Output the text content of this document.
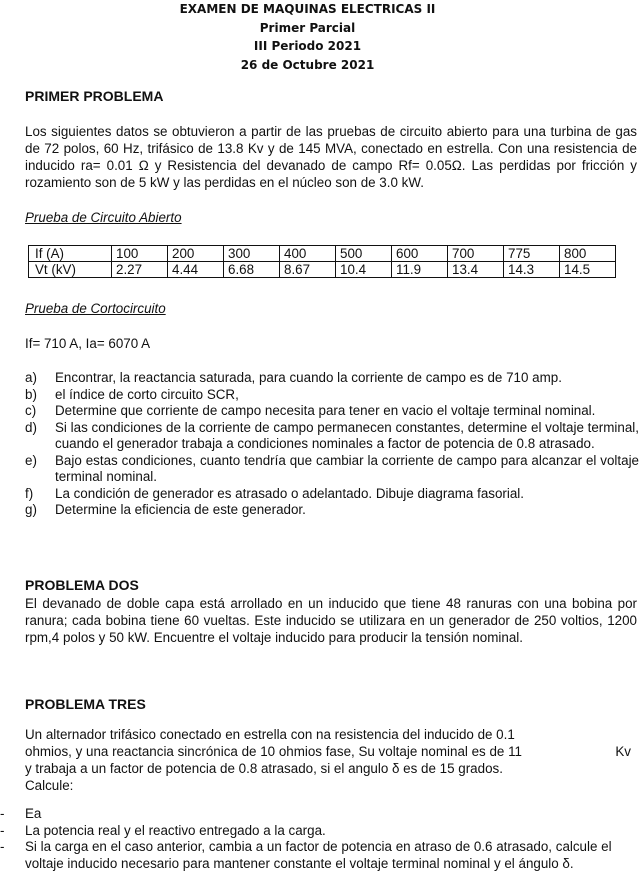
EXAMEN DE MAQUINAS ELECTRICAS II
Primer Parcial
III Periodo 2021
26 de Octubre 2021
PRIMER PROBLEMA
Los siguientes datos se obtuvieron a partir de las pruebas de circuito abierto para una turbina de gas de 72 polos, 60 Hz, trifásico de 13.8 Kv y de 145 MVA, conectado en estrella. Con una resistencia de inducido ra= 0.01 Ω y Resistencia del devanado de campo Rf= 0.05Ω. Las perdidas por fricción y rozamiento son de 5 kW y las perdidas en el núcleo son de 3.0 kW.
Prueba de Circuito Abierto
If (A)	100	200	300	400	500	600	700	775	800
Vt (kV)	2.27	4.44	6.68	8.67	10.4	11.9	13.4	14.3	14.5
Prueba de Cortocircuito
If= 710 A, Ia= 6070 A
a) Encontrar, la reactancia saturada, para cuando la corriente de campo es de 710 amp.
b) el índice de corto circuito SCR,
c) Determine que corriente de campo necesita para tener en vacio el voltaje terminal nominal.
d) Si las condiciones de la corriente de campo permanecen constantes, determine el voltaje terminal, cuando el generador trabaja a condiciones nominales a factor de potencia de 0.8 atrasado.
e) Bajo estas condiciones, cuanto tendría que cambiar la corriente de campo para alcanzar el voltaje terminal nominal.
f) La condición de generador es atrasado o adelantado. Dibuje diagrama fasorial.
g) Determine la eficiencia de este generador.
PROBLEMA DOS
El devanado de doble capa está arrollado en un inducido que tiene 48 ranuras con una bobina por ranura; cada bobina tiene 60 vueltas. Este inducido se utilizara en un generador de 250 voltios, 1200 rpm,4 polos y 50 kW. Encuentre el voltaje inducido para producir la tensión nominal.
PROBLEMA TRES
Un alternador trifásico conectado en estrella con na resistencia del inducido de 0.1
ohmios, y una reactancia sincrónica de 10 ohmios fase, Su voltaje nominal es de 11	Kv
y trabaja a un factor de potencia de 0.8 atrasado, si el angulo δ es de 15 grados.
Calcule:
- Ea
- La potencia real y el reactivo entregado a la carga.
- Si la carga en el caso anterior, cambia a un factor de potencia en atraso de 0.6 atrasado, calcule el voltaje inducido necesario para mantener constante el voltaje terminal nominal y el ángulo δ.
